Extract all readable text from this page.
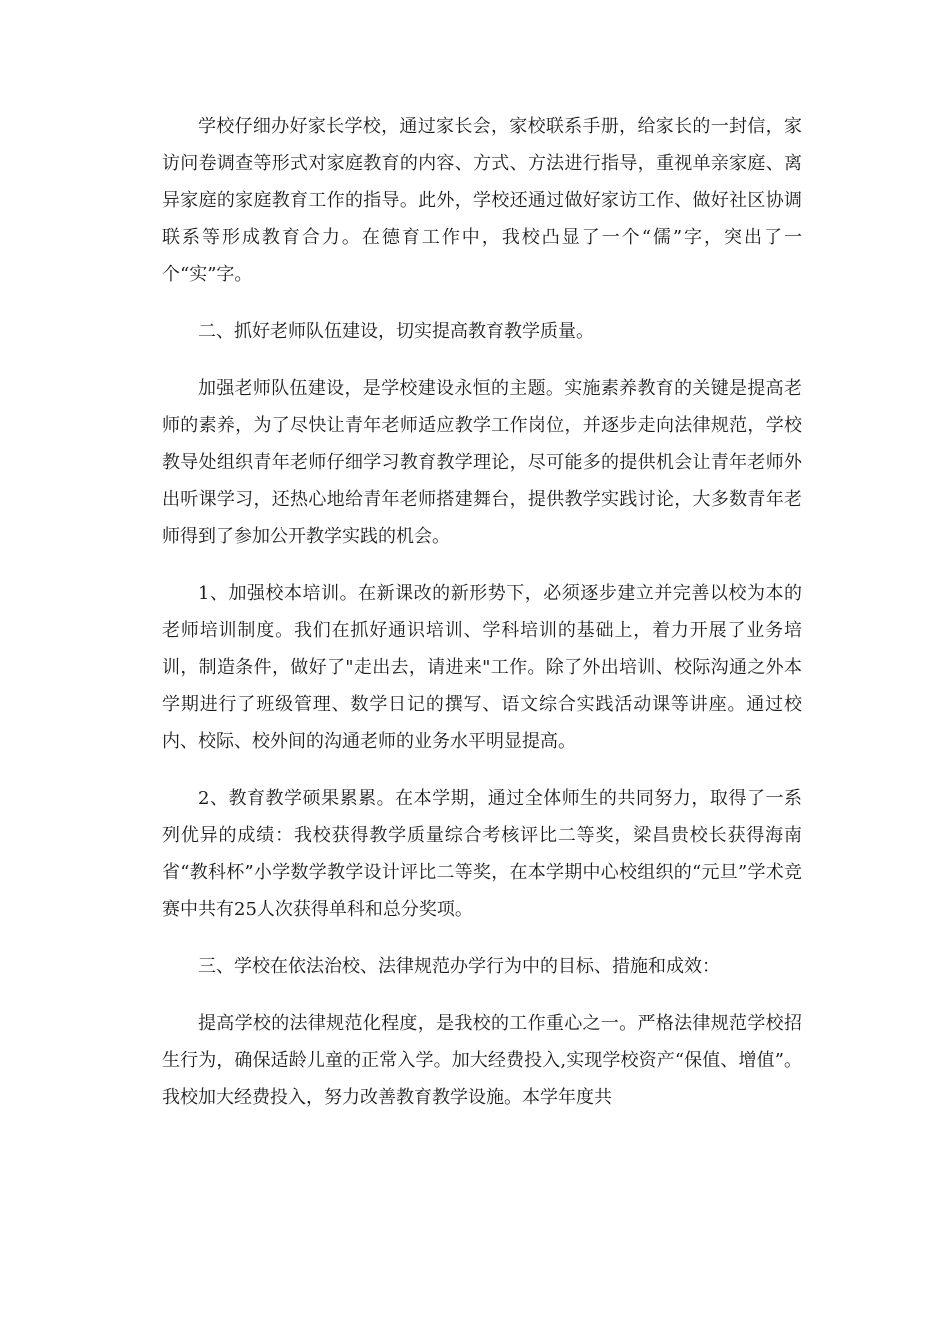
学校仔细办好家长学校，通过家长会，家校联系手册，给家长的一封信，家访问卷调查等形式对家庭教育的内容、方式、方法进行指导，重视单亲家庭、离异家庭的家庭教育工作的指导。此外，学校还通过做好家访工作、做好社区协调联系等形成教育合力。在德育工作中，我校凸显了一个“儒”字，突出了一个“实”字。

二、抓好老师队伍建设，切实提高教育教学质量。

加强老师队伍建设，是学校建设永恒的主题。实施素养教育的关键是提高老师的素养，为了尽快让青年老师适应教学工作岗位，并逐步走向法律规范，学校教导处组织青年老师仔细学习教育教学理论，尽可能多的提供机会让青年老师外出听课学习，还热心地给青年老师搭建舞台，提供教学实践讨论，大多数青年老师得到了参加公开教学实践的机会。

1、加强校本培训。在新课改的新形势下，必须逐步建立并完善以校为本的老师培训制度。我们在抓好通识培训、学科培训的基础上，着力开展了业务培训，制造条件，做好了"走出去，请进来"工作。除了外出培训、校际沟通之外本学期进行了班级管理、数学日记的撰写、语文综合实践活动课等讲座。通过校内、校际、校外间的沟通老师的业务水平明显提高。

2、教育教学硕果累累。在本学期，通过全体师生的共同努力，取得了一系列优异的成绩：我校获得教学质量综合考核评比二等奖，梁昌贵校长获得海南省“教科杯”小学数学教学设计评比二等奖，在本学期中心校组织的“元旦”学术竞赛中共有25人次获得单科和总分奖项。

三、学校在依法治校、法律规范办学行为中的目标、措施和成效：

提高学校的法律规范化程度，是我校的工作重心之一。严格法律规范学校招生行为，确保适龄儿童的正常入学。加大经费投入,实现学校资产“保值、增值”。我校加大经费投入，努力改善教育教学设施。本学年度共
